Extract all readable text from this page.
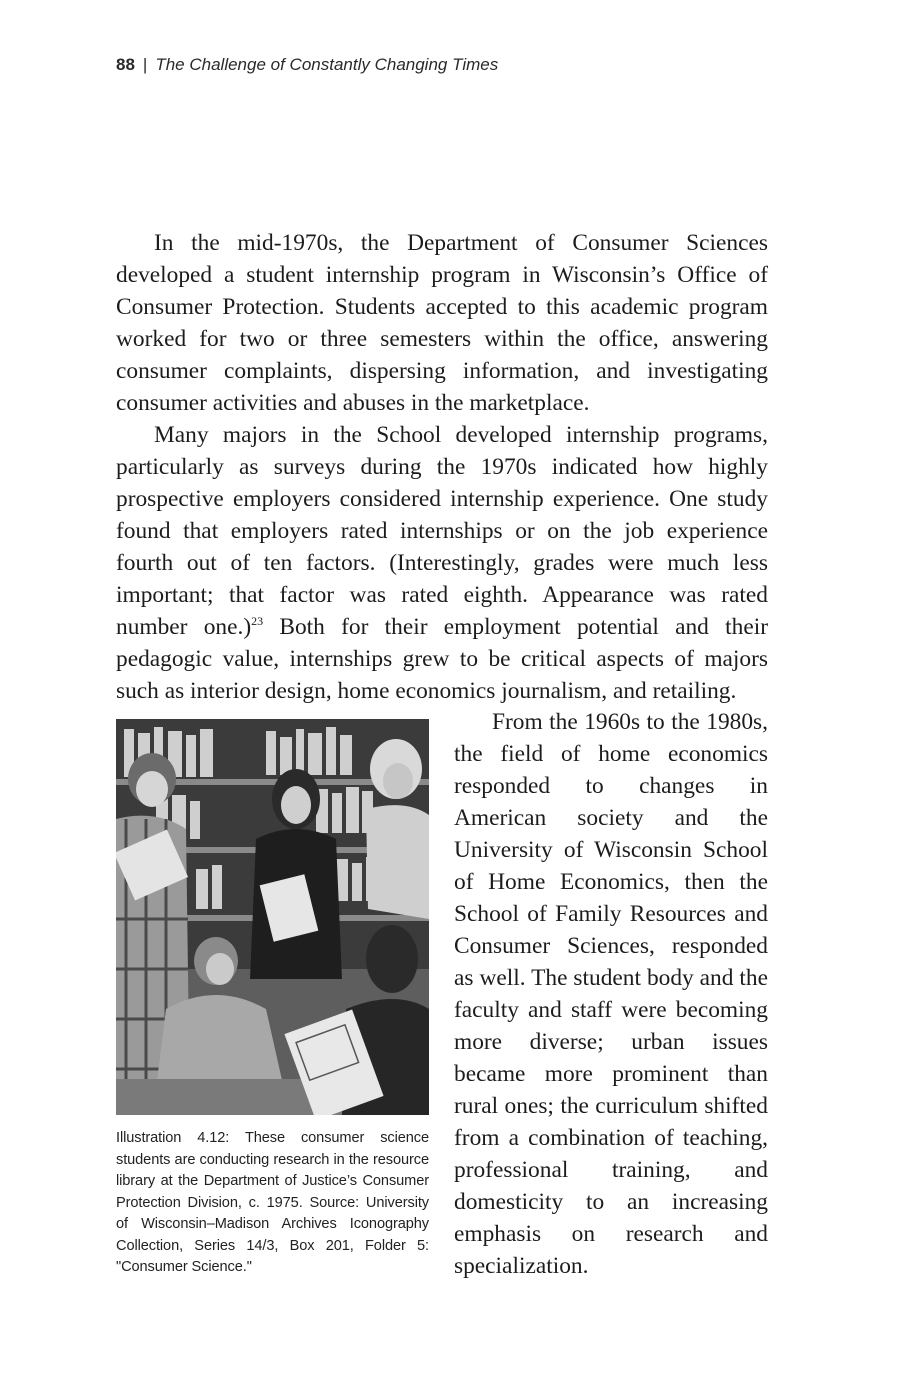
88 | The Challenge of Constantly Changing Times

In the mid-1970s, the Department of Consumer Sciences developed a student internship program in Wisconsin’s Office of Consumer Protection. Students accepted to this academic program worked for two or three semesters within the office, answering consumer complaints, dispersing information, and investigating consumer activities and abuses in the marketplace.

Many majors in the School developed internship programs, particularly as surveys during the 1970s indicated how highly prospective employers considered internship experience. One study found that employers rated internships or on the job experience fourth out of ten factors. (Interestingly, grades were much less important; that factor was rated eighth. Appearance was rated number one.)$^{23}$ Both for their employment potential and their pedagogic value, internships grew to be critical aspects of majors such as interior design, home economics journalism, and retailing.

Illustration 4.12: These consumer science students are conducting research in the resource library at the Department of Justice’s Consumer Protection Division, c. 1975. Source: University of Wisconsin–Madison Archives Iconography Collection, Series 14/3, Box 201, Folder 5: "Consumer Science."

From the 1960s to the 1980s, the field of home economics responded to changes in American society and the University of Wisconsin School of Home Economics, then the School of Family Resources and Consumer Sciences, responded as well. The student body and the faculty and staff were becoming more diverse; urban issues became more prominent than rural ones; the curriculum shifted from a combination of teaching, professional training, and domesticity to an increasing emphasis on research and specialization.
